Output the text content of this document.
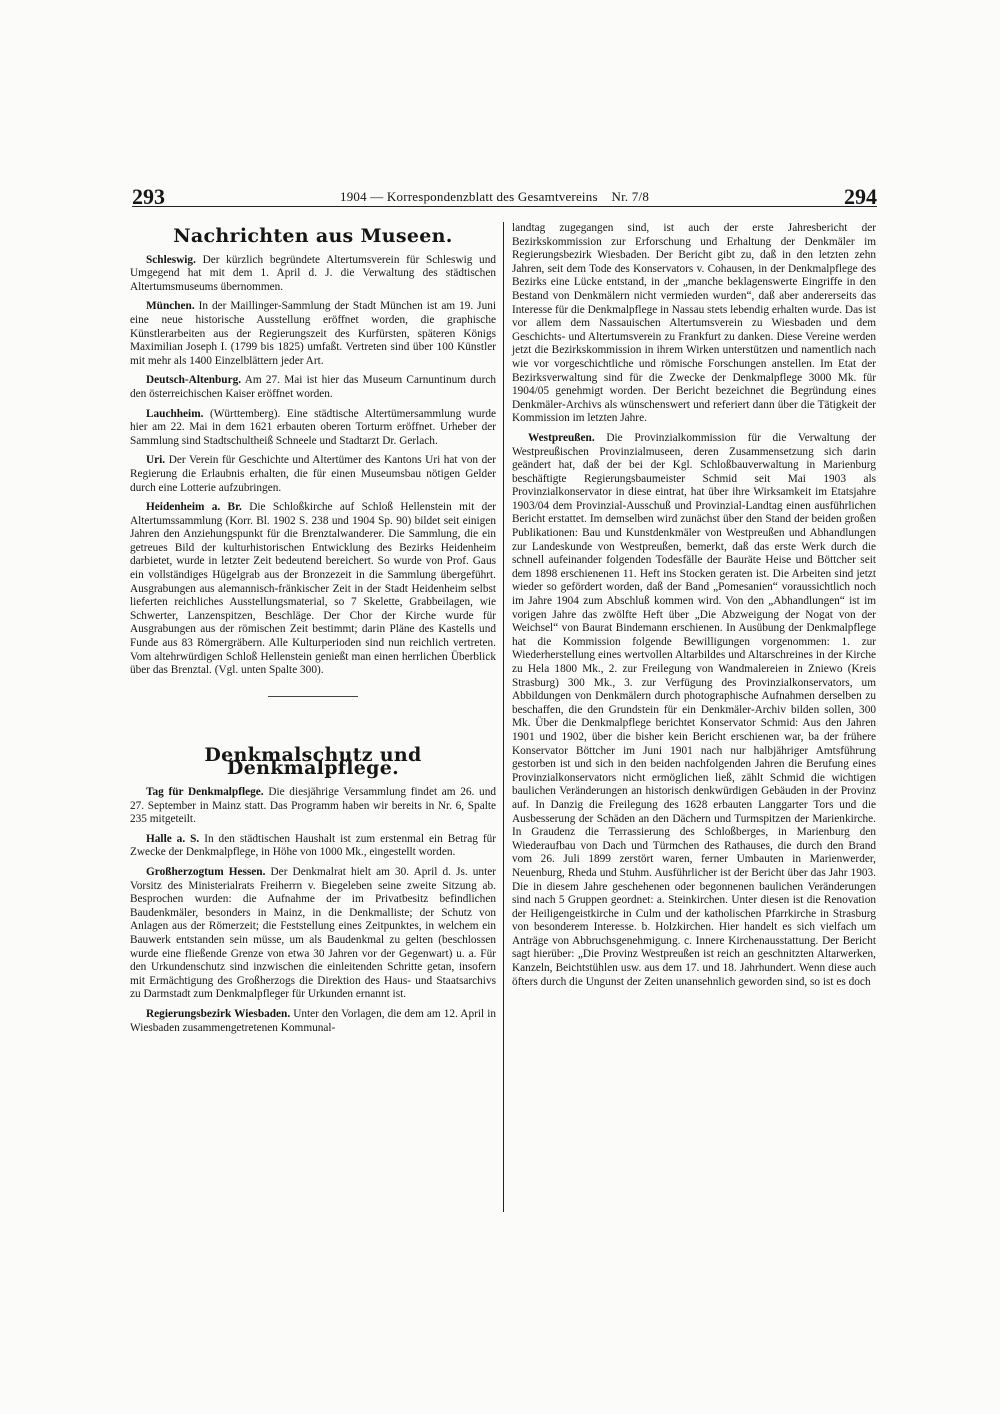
293	1904 — Korrespondenzblatt des Gesamtvereins    Nr. 7/8	294
Nachrichten aus Museen.

Schleswig. Der kürzlich begründete Altertumsverein für Schleswig und Umgegend hat mit dem 1. April d. J. die Verwaltung des städtischen Altertumsmuseums übernommen.

München. In der Maillinger-Sammlung der Stadt München ist am 19. Juni eine neue historische Ausstellung eröffnet worden, die graphische Künstlerarbeiten aus der Regierungszeit des Kurfürsten, späteren Königs Maximilian Joseph I. (1799 bis 1825) umfaßt. Vertreten sind über 100 Künstler mit mehr als 1400 Einzelblättern jeder Art.

Deutsch-Altenburg. Am 27. Mai ist hier das Museum Carnuntinum durch den österreichischen Kaiser eröffnet worden.

Lauchheim. (Württemberg). Eine städtische Altertümersammlung wurde hier am 22. Mai in dem 1621 erbauten oberen Torturm eröffnet. Urheber der Sammlung sind Stadtschultheiß Schneele und Stadtarzt Dr. Gerlach.

Uri. Der Verein für Geschichte und Altertümer des Kantons Uri hat von der Regierung die Erlaubnis erhalten, die für einen Museumsbau nötigen Gelder durch eine Lotterie aufzubringen.

Heidenheim a. Br. Die Schloßkirche auf Schloß Hellenstein mit der Altertumssammlung (Korr. Bl. 1902 S. 238 und 1904 Sp. 90) bildet seit einigen Jahren den Anziehungspunkt für die Brenztalwanderer. Die Sammlung, die ein getreues Bild der kulturhistorischen Entwicklung des Bezirks Heidenheim darbietet, wurde in letzter Zeit bedeutend bereichert. So wurde von Prof. Gaus ein vollständiges Hügelgrab aus der Bronzezeit in die Sammlung übergeführt. Ausgrabungen aus alemannisch-fränkischer Zeit in der Stadt Heidenheim selbst lieferten reichliches Ausstellungsmaterial, so 7 Skelette, Grabbeilagen, wie Schwerter, Lanzenspitzen, Beschläge. Der Chor der Kirche wurde für Ausgrabungen aus der römischen Zeit bestimmt; darin Pläne des Kastells und Funde aus 83 Römergräbern. Alle Kulturperioden sind nun reichlich vertreten. Vom altehrwürdigen Schloß Hellenstein genießt man einen herrlichen Überblick über das Brenztal. (Vgl. unten Spalte 300).

Denkmalschutz und Denkmalpflege.

Tag für Denkmalpflege. Die diesjährige Versammlung findet am 26. und 27. September in Mainz statt. Das Programm haben wir bereits in Nr. 6, Spalte 235 mitgeteilt.

Halle a. S. In den städtischen Haushalt ist zum erstenmal ein Betrag für Zwecke der Denkmalpflege, in Höhe von 1000 Mk., eingestellt worden.

Großherzogtum Hessen. Der Denkmalrat hielt am 30. April d. Js. unter Vorsitz des Ministerialrats Freiherrn v. Biegeleben seine zweite Sitzung ab. Besprochen wurden: die Aufnahme der im Privatbesitz befindlichen Baudenkmäler, besonders in Mainz, in die Denkmalliste; der Schutz von Anlagen aus der Römerzeit; die Feststellung eines Zeitpunktes, in welchem ein Bauwerk entstanden sein müsse, um als Baudenkmal zu gelten (beschlossen wurde eine fließende Grenze von etwa 30 Jahren vor der Gegenwart) u. a. Für den Urkundenschutz sind inzwischen die einleitenden Schritte getan, insofern mit Ermächtigung des Großherzogs die Direktion des Haus- und Staatsarchivs zu Darmstadt zum Denkmalpfleger für Urkunden ernannt ist.

Regierungsbezirk Wiesbaden. Unter den Vorlagen, die dem am 12. April in Wiesbaden zusammengetretenen Kommunal-

landtag zugegangen sind, ist auch der erste Jahresbericht der Bezirkskommission zur Erforschung und Erhaltung der Denkmäler im Regierungsbezirk Wiesbaden. Der Bericht gibt zu, daß in den letzten zehn Jahren, seit dem Tode des Konservators v. Cohausen, in der Denkmalpflege des Bezirks eine Lücke entstand, in der „manche beklagenswerte Eingriffe in den Bestand von Denkmälern nicht vermieden wurden“, daß aber andererseits das Interesse für die Denkmalpflege in Nassau stets lebendig erhalten wurde. Das ist vor allem dem Nassauischen Altertumsverein zu Wiesbaden und dem Geschichts- und Altertumsverein zu Frankfurt zu danken. Diese Vereine werden jetzt die Bezirkskommission in ihrem Wirken unterstützen und namentlich nach wie vor vorgeschichtliche und römische Forschungen anstellen. Im Etat der Bezirksverwaltung sind für die Zwecke der Denkmalpflege 3000 Mk. für 1904/05 genehmigt worden. Der Bericht bezeichnet die Begründung eines Denkmäler-Archivs als wünschenswert und referiert dann über die Tätigkeit der Kommission im letzten Jahre.

Westpreußen. Die Provinzialkommission für die Verwaltung der Westpreußischen Provinzialmuseen, deren Zusammensetzung sich darin geändert hat, daß der bei der Kgl. Schloßbauverwaltung in Marienburg beschäftigte Regierungsbaumeister Schmid seit Mai 1903 als Provinzialkonservator in diese eintrat, hat über ihre Wirksamkeit im Etatsjahre 1903/04 dem Provinzial-Ausschuß und Provinzial-Landtag einen ausführlichen Bericht erstattet. Im demselben wird zunächst über den Stand der beiden großen Publikationen: Bau und Kunstdenkmäler von Westpreußen und Abhandlungen zur Landeskunde von Westpreußen, bemerkt, daß das erste Werk durch die schnell aufeinander folgenden Todesfälle der Bauräte Heise und Böttcher seit dem 1898 erschienenen 11. Heft ins Stocken geraten ist. Die Arbeiten sind jetzt wieder so gefördert worden, daß der Band „Pomesanien“ voraussichtlich noch im Jahre 1904 zum Abschluß kommen wird. Von den „Abhandlungen“ ist im vorigen Jahre das zwölfte Heft über „Die Abzweigung der Nogat von der Weichsel“ von Baurat Bindemann erschienen. In Ausübung der Denkmalpflege hat die Kommission folgende Bewilligungen vorgenommen: 1. zur Wiederherstellung eines wertvollen Altarbildes und Altarschreines in der Kirche zu Hela 1800 Mk., 2. zur Freilegung von Wandmalereien in Zniewo (Kreis Strasburg) 300 Mk., 3. zur Verfügung des Provinzialkonservators, um Abbildungen von Denkmälern durch photographische Aufnahmen derselben zu beschaffen, die den Grundstein für ein Denkmäler-Archiv bilden sollen, 300 Mk. Über die Denkmalpflege berichtet Konservator Schmid: Aus den Jahren 1901 und 1902, über die bisher kein Bericht erschienen war, ba der frühere Konservator Böttcher im Juni 1901 nach nur halbjähriger Amtsführung gestorben ist und sich in den beiden nachfolgenden Jahren die Berufung eines Provinzialkonservators nicht ermöglichen ließ, zählt Schmid die wichtigen baulichen Veränderungen an historisch denkwürdigen Gebäuden in der Provinz auf. In Danzig die Freilegung des 1628 erbauten Langgarter Tors und die Ausbesserung der Schäden an den Dächern und Turmspitzen der Marienkirche. In Graudenz die Terrassierung des Schloßberges, in Marienburg den Wiederaufbau von Dach und Türmchen des Rathauses, die durch den Brand vom 26. Juli 1899 zerstört waren, ferner Umbauten in Marienwerder, Neuenburg, Rheda und Stuhm. Ausführlicher ist der Bericht über das Jahr 1903. Die in diesem Jahre geschehenen oder begonnenen baulichen Veränderungen sind nach 5 Gruppen geordnet: a. Steinkirchen. Unter diesen ist die Renovation der Heiligengeistkirche in Culm und der katholischen Pfarrkirche in Strasburg von besonderem Interesse. b. Holzkirchen. Hier handelt es sich vielfach um Anträge von Abbruchsgenehmigung. c. Innere Kirchenausstattung. Der Bericht sagt hierüber: „Die Provinz Westpreußen ist reich an geschnitzten Altarwerken, Kanzeln, Beichtstühlen usw. aus dem 17. und 18. Jahrhundert. Wenn diese auch öfters durch die Ungunst der Zeiten unansehnlich geworden sind, so ist es doch
